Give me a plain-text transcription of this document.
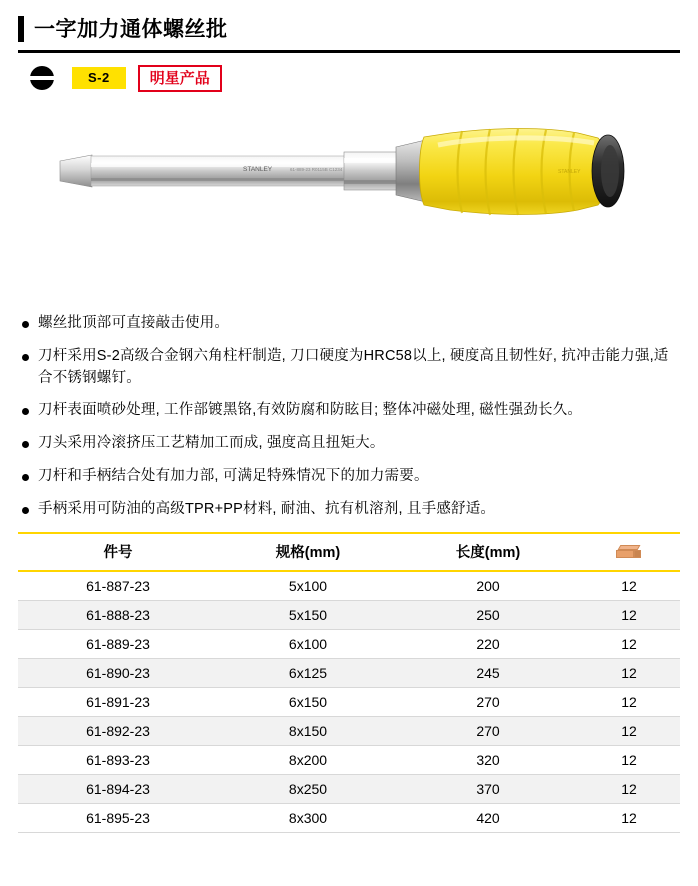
一字加力通体螺丝批
S-2	明星产品
STANLEY	61-889-23 R0115B C1234	STANLEY
螺丝批顶部可直接敲击使用。
刀杆采用S-2高级合金钢六角柱杆制造, 刀口硬度为HRC58以上, 硬度高且韧性好, 抗冲击能力强,适合不锈钢螺钉。
刀杆表面喷砂处理, 工作部镀黑铬,有效防腐和防眩目; 整体冲磁处理, 磁性强劲长久。
刀头采用冷滚挤压工艺精加工而成, 强度高且扭矩大。
刀杆和手柄结合处有加力部, 可满足特殊情况下的加力需要。
手柄采用可防油的高级TPR+PP材料, 耐油、抗有机溶剂, 且手感舒适。
件号	规格(mm)	长度(mm)	

61-887-23	5x100	200	12
61-888-23	5x150	250	12
61-889-23	6x100	220	12
61-890-23	6x125	245	12
61-891-23	6x150	270	12
61-892-23	8x150	270	12
61-893-23	8x200	320	12
61-894-23	8x250	370	12
61-895-23	8x300	420	12
